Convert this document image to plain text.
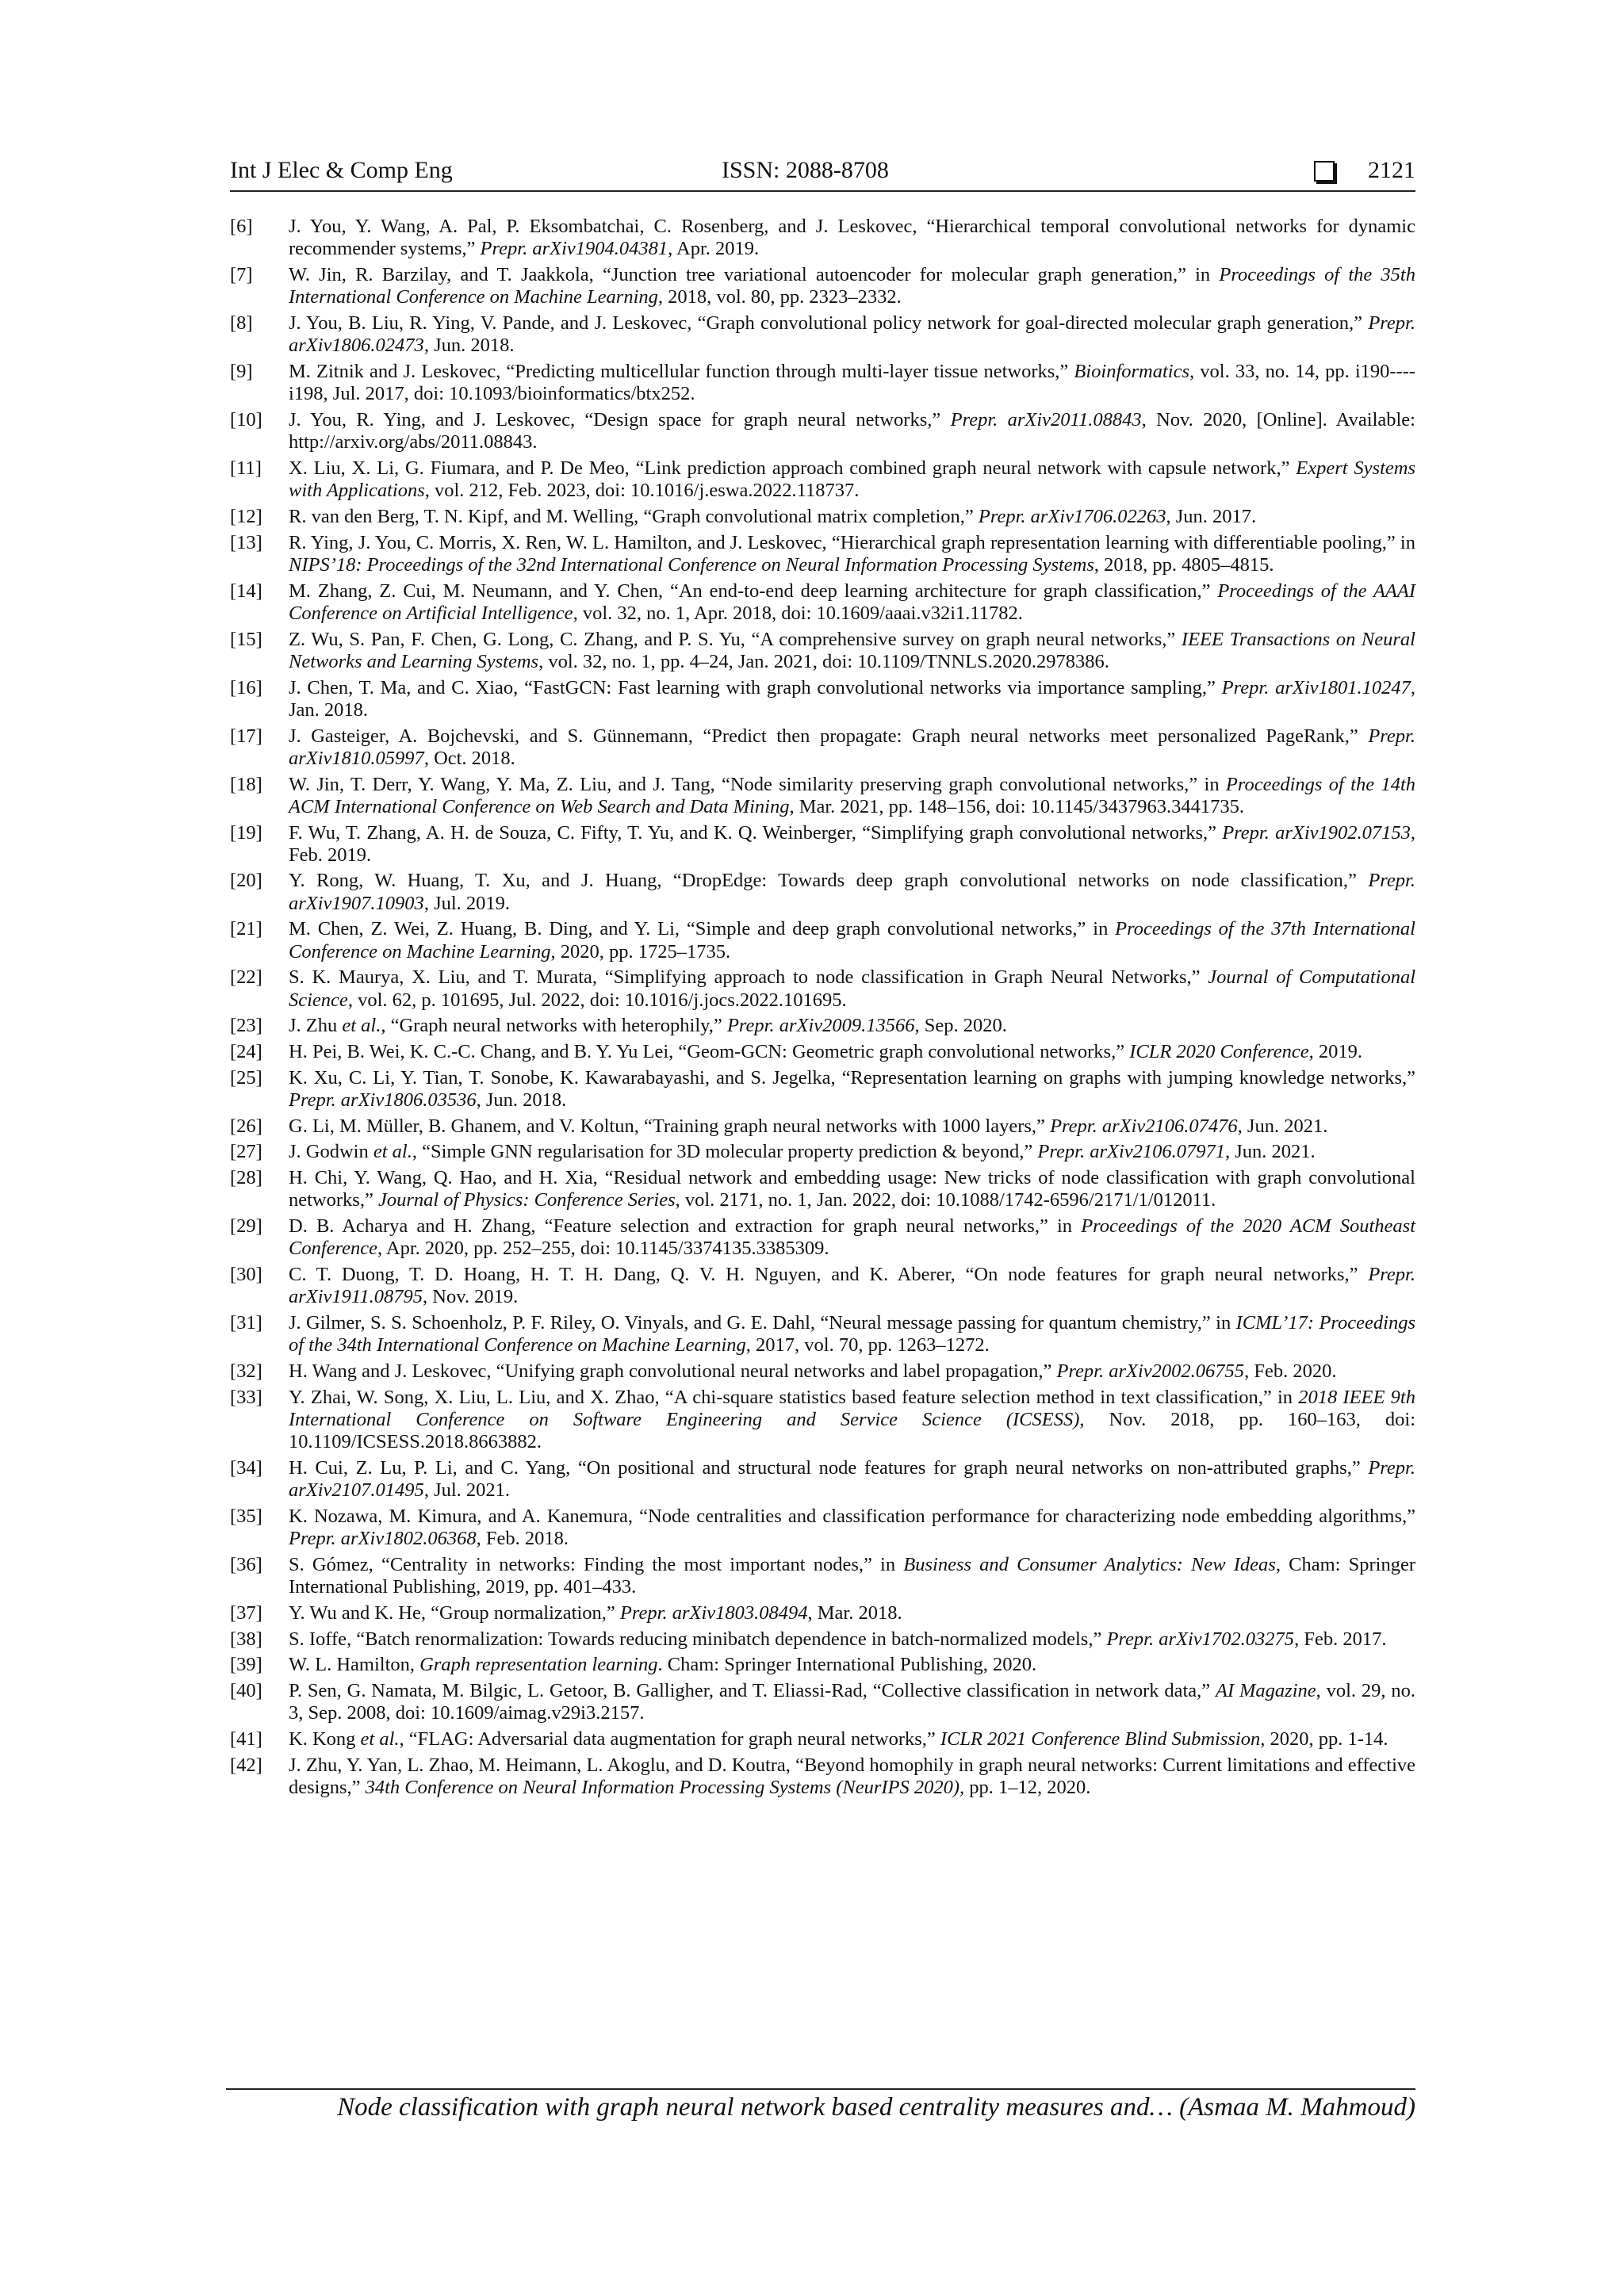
Int J Elec & Comp Eng	ISSN: 2088-8708	2121
[6] J. You, Y. Wang, A. Pal, P. Eksombatchai, C. Rosenberg, and J. Leskovec, “Hierarchical temporal convolutional networks for dynamic recommender systems,” Prepr. arXiv1904.04381, Apr. 2019.
[7] W. Jin, R. Barzilay, and T. Jaakkola, “Junction tree variational autoencoder for molecular graph generation,” in Proceedings of the 35th International Conference on Machine Learning, 2018, vol. 80, pp. 2323–2332.
[8] J. You, B. Liu, R. Ying, V. Pande, and J. Leskovec, “Graph convolutional policy network for goal-directed molecular graph generation,” Prepr. arXiv1806.02473, Jun. 2018.
[9] M. Zitnik and J. Leskovec, “Predicting multicellular function through multi-layer tissue networks,” Bioinformatics, vol. 33, no. 14, pp. i190----i198, Jul. 2017, doi: 10.1093/bioinformatics/btx252.
[10] J. You, R. Ying, and J. Leskovec, “Design space for graph neural networks,” Prepr. arXiv2011.08843, Nov. 2020, [Online]. Available: http://arxiv.org/abs/2011.08843.
[11] X. Liu, X. Li, G. Fiumara, and P. De Meo, “Link prediction approach combined graph neural network with capsule network,” Expert Systems with Applications, vol. 212, Feb. 2023, doi: 10.1016/j.eswa.2022.118737.
[12] R. van den Berg, T. N. Kipf, and M. Welling, “Graph convolutional matrix completion,” Prepr. arXiv1706.02263, Jun. 2017.
[13] R. Ying, J. You, C. Morris, X. Ren, W. L. Hamilton, and J. Leskovec, “Hierarchical graph representation learning with differentiable pooling,” in NIPS’18: Proceedings of the 32nd International Conference on Neural Information Processing Systems, 2018, pp. 4805–4815.
[14] M. Zhang, Z. Cui, M. Neumann, and Y. Chen, “An end-to-end deep learning architecture for graph classification,” Proceedings of the AAAI Conference on Artificial Intelligence, vol. 32, no. 1, Apr. 2018, doi: 10.1609/aaai.v32i1.11782.
[15] Z. Wu, S. Pan, F. Chen, G. Long, C. Zhang, and P. S. Yu, “A comprehensive survey on graph neural networks,” IEEE Transactions on Neural Networks and Learning Systems, vol. 32, no. 1, pp. 4–24, Jan. 2021, doi: 10.1109/TNNLS.2020.2978386.
[16] J. Chen, T. Ma, and C. Xiao, “FastGCN: Fast learning with graph convolutional networks via importance sampling,” Prepr. arXiv1801.10247, Jan. 2018.
[17] J. Gasteiger, A. Bojchevski, and S. Günnemann, “Predict then propagate: Graph neural networks meet personalized PageRank,” Prepr. arXiv1810.05997, Oct. 2018.
[18] W. Jin, T. Derr, Y. Wang, Y. Ma, Z. Liu, and J. Tang, “Node similarity preserving graph convolutional networks,” in Proceedings of the 14th ACM International Conference on Web Search and Data Mining, Mar. 2021, pp. 148–156, doi: 10.1145/3437963.3441735.
[19] F. Wu, T. Zhang, A. H. de Souza, C. Fifty, T. Yu, and K. Q. Weinberger, “Simplifying graph convolutional networks,” Prepr. arXiv1902.07153, Feb. 2019.
[20] Y. Rong, W. Huang, T. Xu, and J. Huang, “DropEdge: Towards deep graph convolutional networks on node classification,” Prepr. arXiv1907.10903, Jul. 2019.
[21] M. Chen, Z. Wei, Z. Huang, B. Ding, and Y. Li, “Simple and deep graph convolutional networks,” in Proceedings of the 37th International Conference on Machine Learning, 2020, pp. 1725–1735.
[22] S. K. Maurya, X. Liu, and T. Murata, “Simplifying approach to node classification in Graph Neural Networks,” Journal of Computational Science, vol. 62, p. 101695, Jul. 2022, doi: 10.1016/j.jocs.2022.101695.
[23] J. Zhu et al., “Graph neural networks with heterophily,” Prepr. arXiv2009.13566, Sep. 2020.
[24] H. Pei, B. Wei, K. C.-C. Chang, and B. Y. Yu Lei, “Geom-GCN: Geometric graph convolutional networks,” ICLR 2020 Conference, 2019.
[25] K. Xu, C. Li, Y. Tian, T. Sonobe, K. Kawarabayashi, and S. Jegelka, “Representation learning on graphs with jumping knowledge networks,” Prepr. arXiv1806.03536, Jun. 2018.
[26] G. Li, M. Müller, B. Ghanem, and V. Koltun, “Training graph neural networks with 1000 layers,” Prepr. arXiv2106.07476, Jun. 2021.
[27] J. Godwin et al., “Simple GNN regularisation for 3D molecular property prediction & beyond,” Prepr. arXiv2106.07971, Jun. 2021.
[28] H. Chi, Y. Wang, Q. Hao, and H. Xia, “Residual network and embedding usage: New tricks of node classification with graph convolutional networks,” Journal of Physics: Conference Series, vol. 2171, no. 1, Jan. 2022, doi: 10.1088/1742-6596/2171/1/012011.
[29] D. B. Acharya and H. Zhang, “Feature selection and extraction for graph neural networks,” in Proceedings of the 2020 ACM Southeast Conference, Apr. 2020, pp. 252–255, doi: 10.1145/3374135.3385309.
[30] C. T. Duong, T. D. Hoang, H. T. H. Dang, Q. V. H. Nguyen, and K. Aberer, “On node features for graph neural networks,” Prepr. arXiv1911.08795, Nov. 2019.
[31] J. Gilmer, S. S. Schoenholz, P. F. Riley, O. Vinyals, and G. E. Dahl, “Neural message passing for quantum chemistry,” in ICML’17: Proceedings of the 34th International Conference on Machine Learning, 2017, vol. 70, pp. 1263–1272.
[32] H. Wang and J. Leskovec, “Unifying graph convolutional neural networks and label propagation,” Prepr. arXiv2002.06755, Feb. 2020.
[33] Y. Zhai, W. Song, X. Liu, L. Liu, and X. Zhao, “A chi-square statistics based feature selection method in text classification,” in 2018 IEEE 9th International Conference on Software Engineering and Service Science (ICSESS), Nov. 2018, pp. 160–163, doi: 10.1109/ICSESS.2018.8663882.
[34] H. Cui, Z. Lu, P. Li, and C. Yang, “On positional and structural node features for graph neural networks on non-attributed graphs,” Prepr. arXiv2107.01495, Jul. 2021.
[35] K. Nozawa, M. Kimura, and A. Kanemura, “Node centralities and classification performance for characterizing node embedding algorithms,” Prepr. arXiv1802.06368, Feb. 2018.
[36] S. Gómez, “Centrality in networks: Finding the most important nodes,” in Business and Consumer Analytics: New Ideas, Cham: Springer International Publishing, 2019, pp. 401–433.
[37] Y. Wu and K. He, “Group normalization,” Prepr. arXiv1803.08494, Mar. 2018.
[38] S. Ioffe, “Batch renormalization: Towards reducing minibatch dependence in batch-normalized models,” Prepr. arXiv1702.03275, Feb. 2017.
[39] W. L. Hamilton, Graph representation learning. Cham: Springer International Publishing, 2020.
[40] P. Sen, G. Namata, M. Bilgic, L. Getoor, B. Galligher, and T. Eliassi-Rad, “Collective classification in network data,” AI Magazine, vol. 29, no. 3, Sep. 2008, doi: 10.1609/aimag.v29i3.2157.
[41] K. Kong et al., “FLAG: Adversarial data augmentation for graph neural networks,” ICLR 2021 Conference Blind Submission, 2020, pp. 1-14.
[42] J. Zhu, Y. Yan, L. Zhao, M. Heimann, L. Akoglu, and D. Koutra, “Beyond homophily in graph neural networks: Current limitations and effective designs,” 34th Conference on Neural Information Processing Systems (NeurIPS 2020), pp. 1–12, 2020.
Node classification with graph neural network based centrality measures and… (Asmaa M. Mahmoud)
